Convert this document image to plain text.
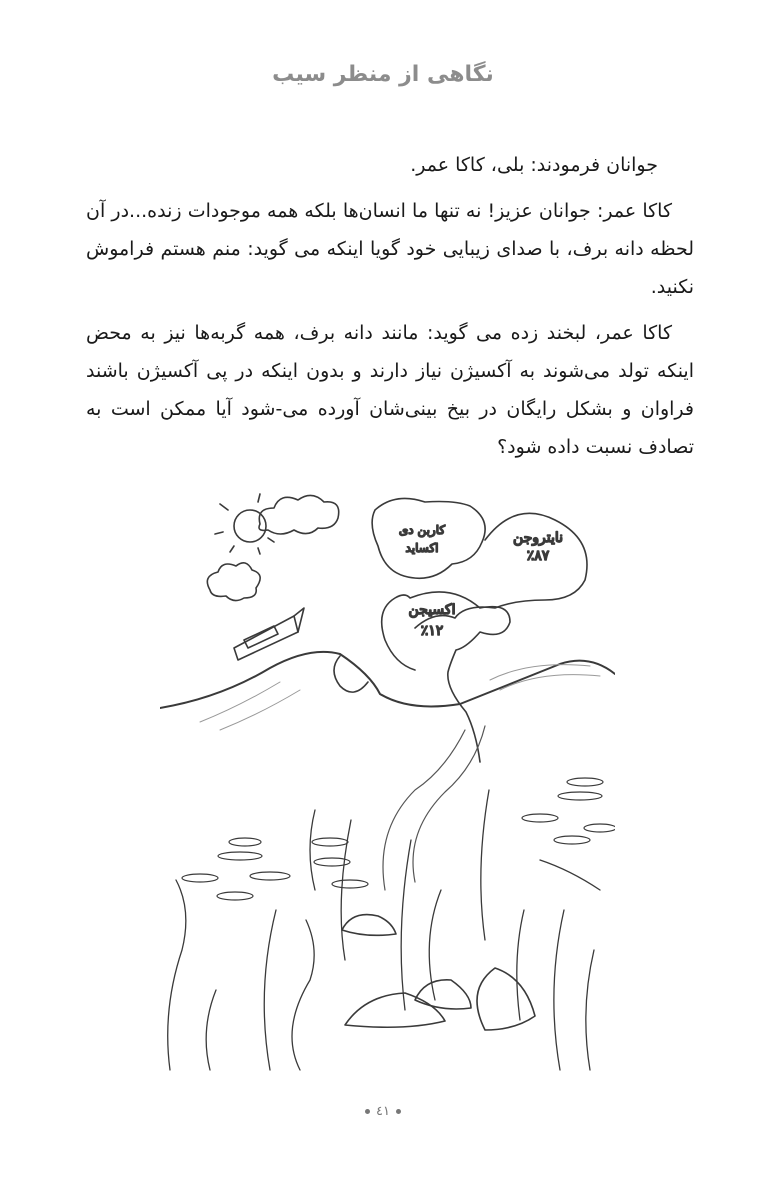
نگاهی از منظر سیب

جوانان فرمودند: بلی، کاکا عمر.

کاکا عمر: جوانان عزیز! نه تنها ما انسان‌ها بلکه همه موجودات زنده...در آن لحظه دانه برف، با صدای زیبایی خود گویا اینکه می گوید: منم هستم فراموش نکنید.

کاکا عمر، لبخند زده می گوید: مانند دانه برف، همه گربه‌ها نیز به محض اینکه تولد می‌شوند به آکسیژن نیاز دارند و بدون اینکه در پی آکسیژن باشند فراوان و بشکل رایگان در بیخ بینی‌شان آورده می-شود آیا ممکن است به تصادف نسبت داده شود؟

کاربن دی
اکساید
نایتروجن
٪۸۷
اکسیجن
٪۱۲
٤١
